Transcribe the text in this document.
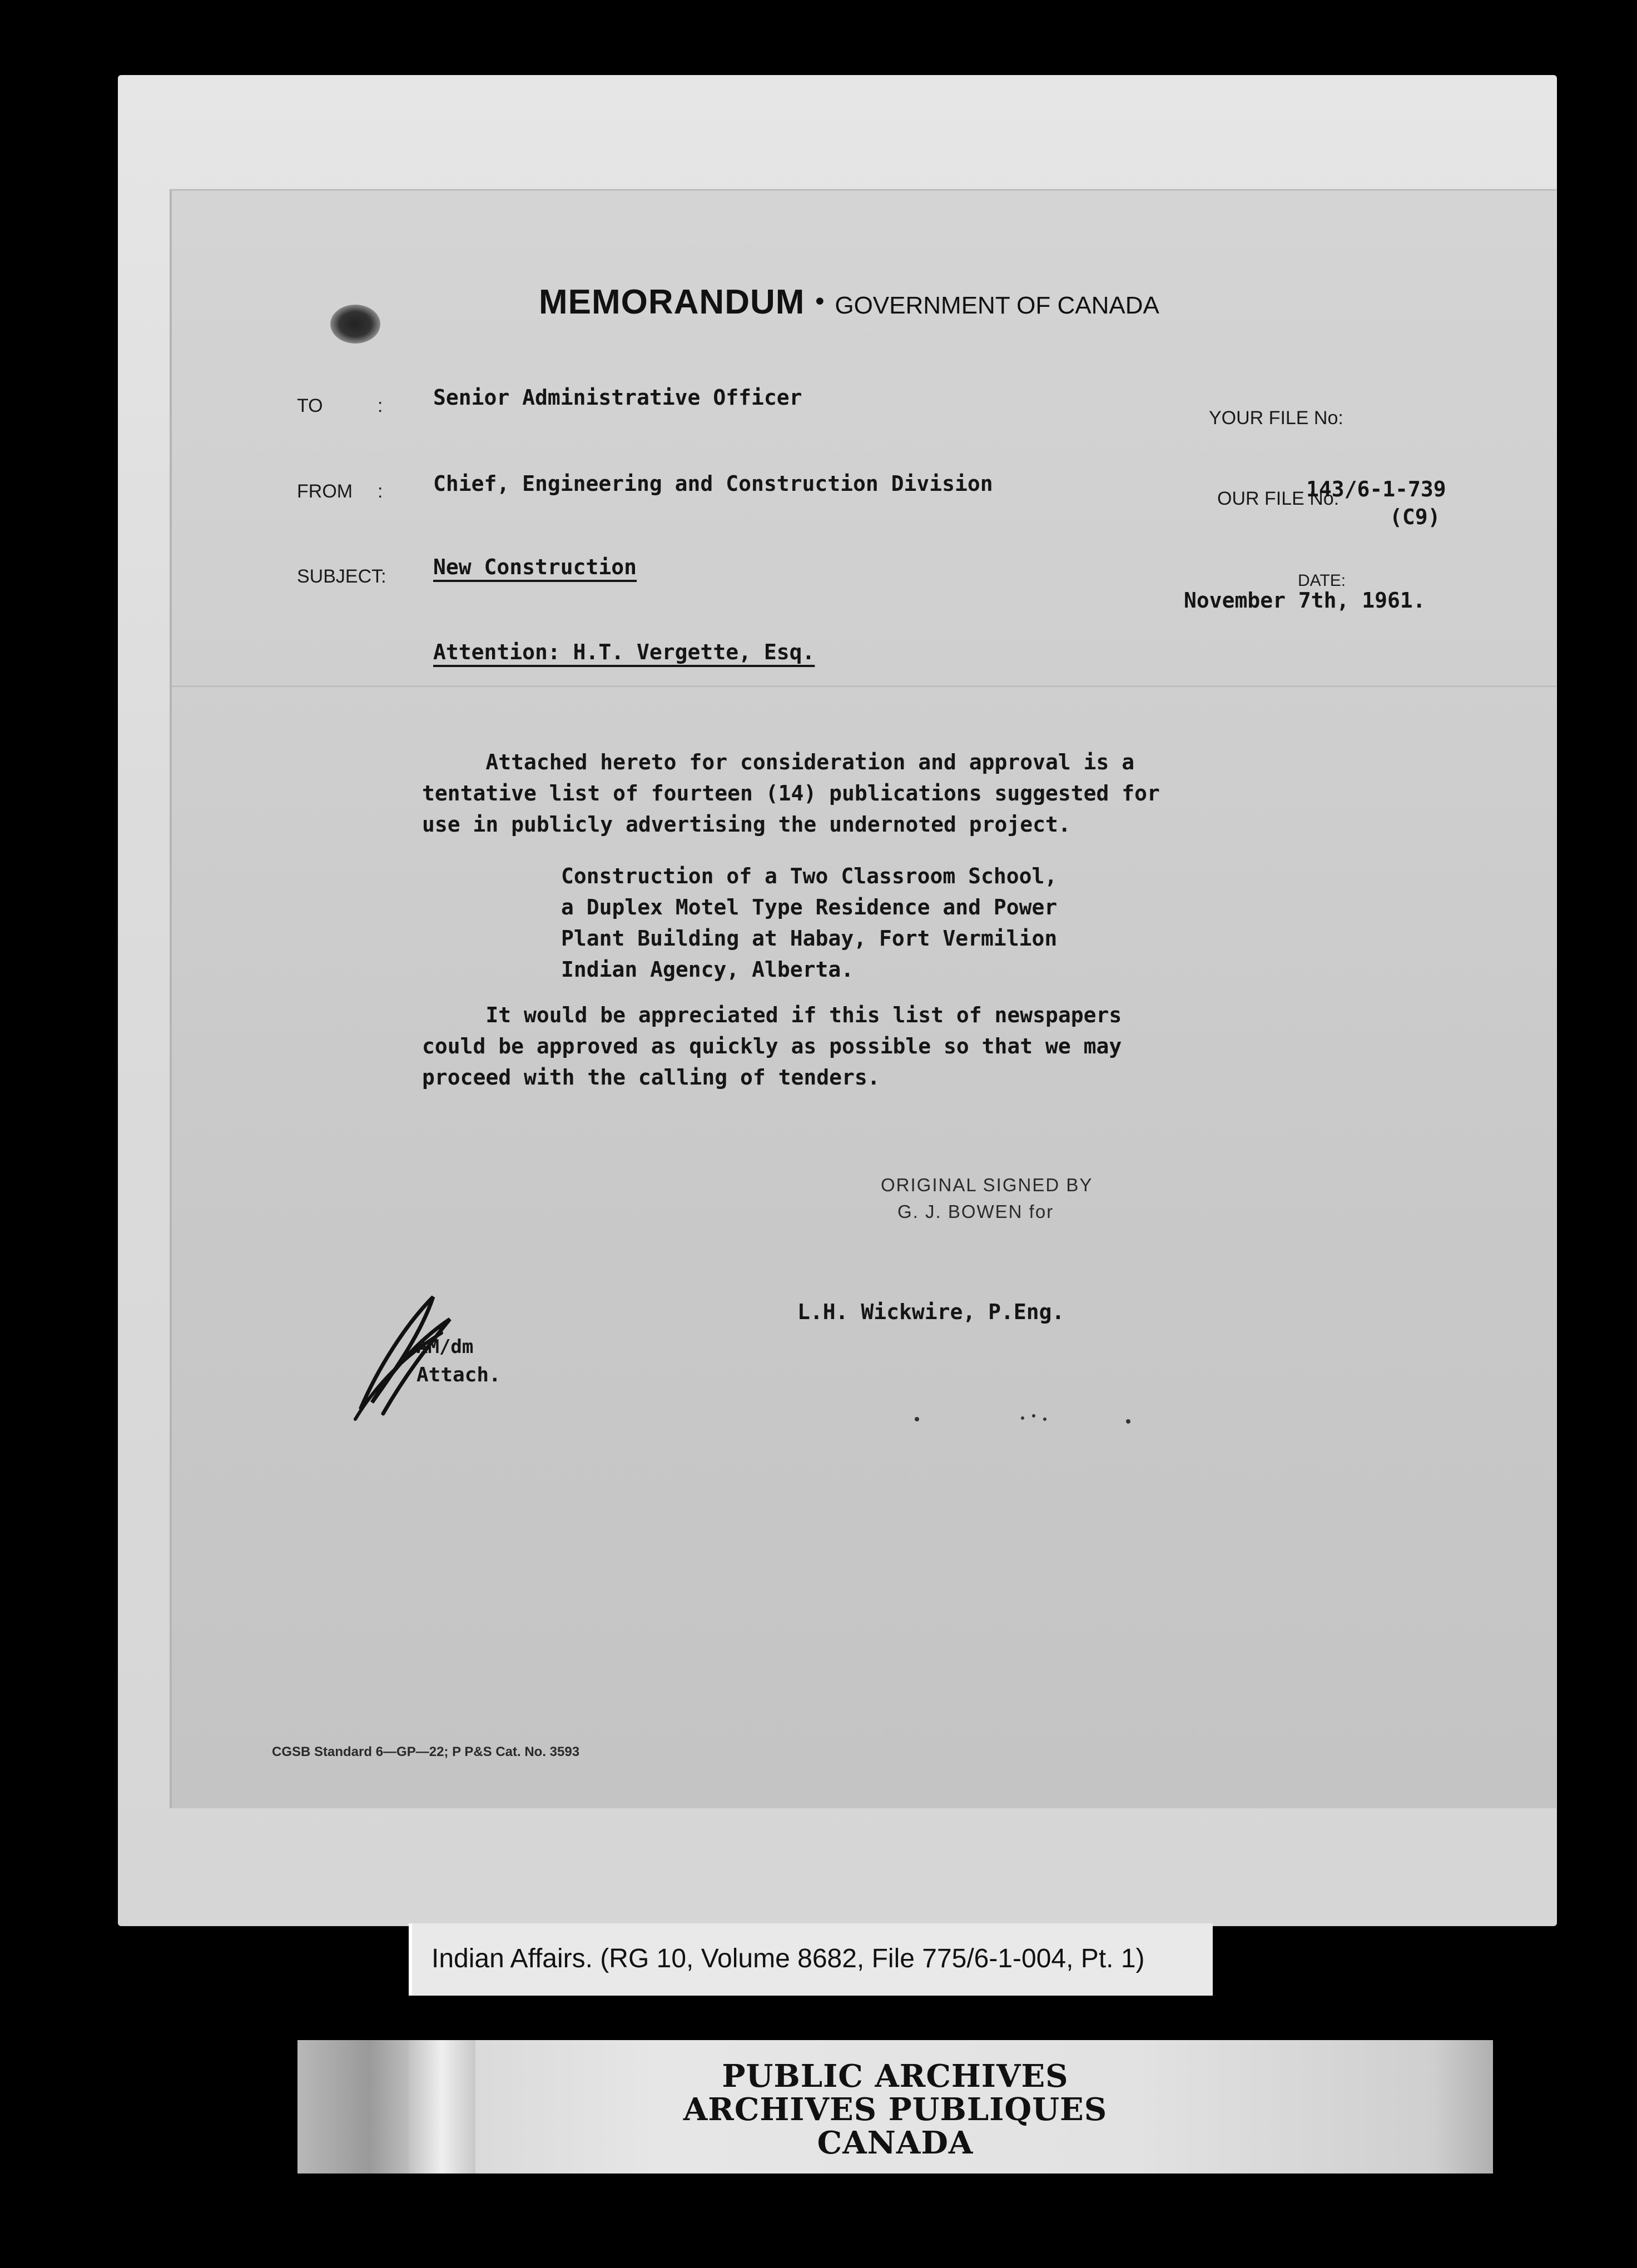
MEMORANDUM • GOVERNMENT OF CANADA
TO	: Senior Administrative Officer
YOUR FILE No:
FROM : Chief, Engineering and Construction Division
OUR FILE No:
143/6-1-739
(C9)
SUBJECT: New Construction
DATE:
November 7th, 1961.
Attention: H.T. Vergette, Esq.
Attached hereto for consideration and approval is a
tentative list of fourteen (14) publications suggested for
use in publicly advertising the undernoted project.
Construction of a Two Classroom School,
a Duplex Motel Type Residence and Power
Plant Building at Habay, Fort Vermilion
Indian Agency, Alberta.
It would be appreciated if this list of newspapers
could be approved as quickly as possible so that we may
proceed with the calling of tenders.
ORIGINAL SIGNED BY
G. J. BOWEN for
L.H. Wickwire, P.Eng.
AM/dm
Attach.
CGSB Standard 6—GP—22; P P&S Cat. No. 3593
Indian Affairs. (RG 10, Volume 8682, File 775/6-1-004, Pt. 1)
PUBLIC ARCHIVES
ARCHIVES PUBLIQUES
CANADA
